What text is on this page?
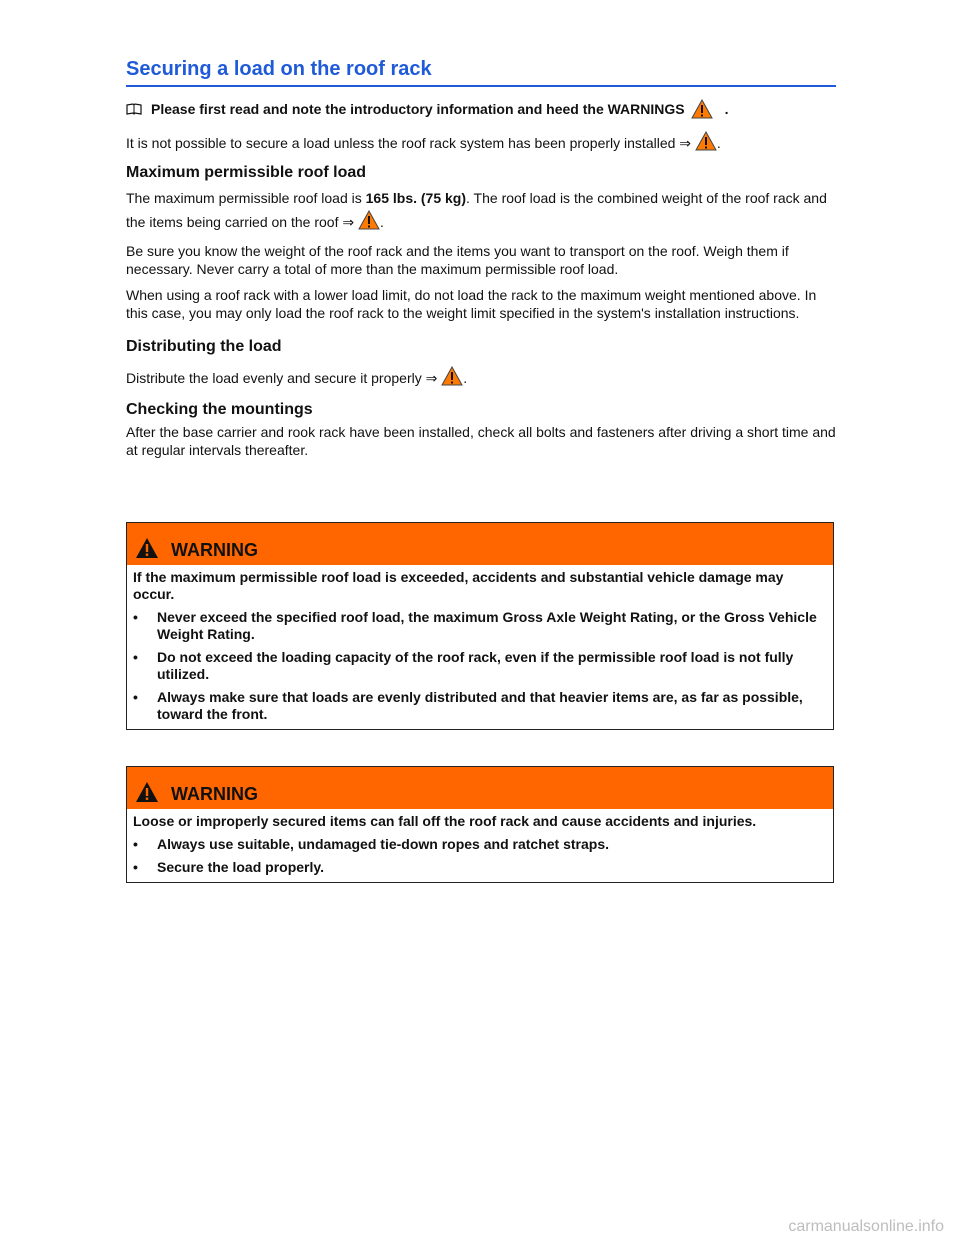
Securing a load on the roof rack
Please first read and note the introductory information and heed the WARNINGS	.

It is not possible to secure a load unless the roof rack system has been properly installed ⇒ .

Maximum permissible roof load

The maximum permissible roof load is 165 lbs. (75 kg). The roof load is the combined weight of the roof rack and the items being carried on the roof ⇒ .

Be sure you know the weight of the roof rack and the items you want to transport on the roof. Weigh them if necessary. Never carry a total of more than the maximum permissible roof load.

When using a roof rack with a lower load limit, do not load the rack to the maximum weight mentioned above. In this case, you may only load the roof rack to the weight limit specified in the system's installation instructions.

Distributing the load

Distribute the load evenly and secure it properly ⇒ .

Checking the mountings

After the base carrier and rook rack have been installed, check all bolts and fasteners after driving a short time and at regular intervals thereafter.

WARNING
If the maximum permissible roof load is exceeded, accidents and substantial vehicle damage may occur.
•	Never exceed the specified roof load, the maximum Gross Axle Weight Rating, or the Gross Vehicle Weight Rating.
•	Do not exceed the loading capacity of the roof rack, even if the permissible roof load is not fully utilized.
•	Always make sure that loads are evenly distributed and that heavier items are, as far as possible, toward the front.
WARNING
Loose or improperly secured items can fall off the roof rack and cause accidents and injuries.
•	Always use suitable, undamaged tie-down ropes and ratchet straps.
•	Secure the load properly.
carmanualsonline.info
